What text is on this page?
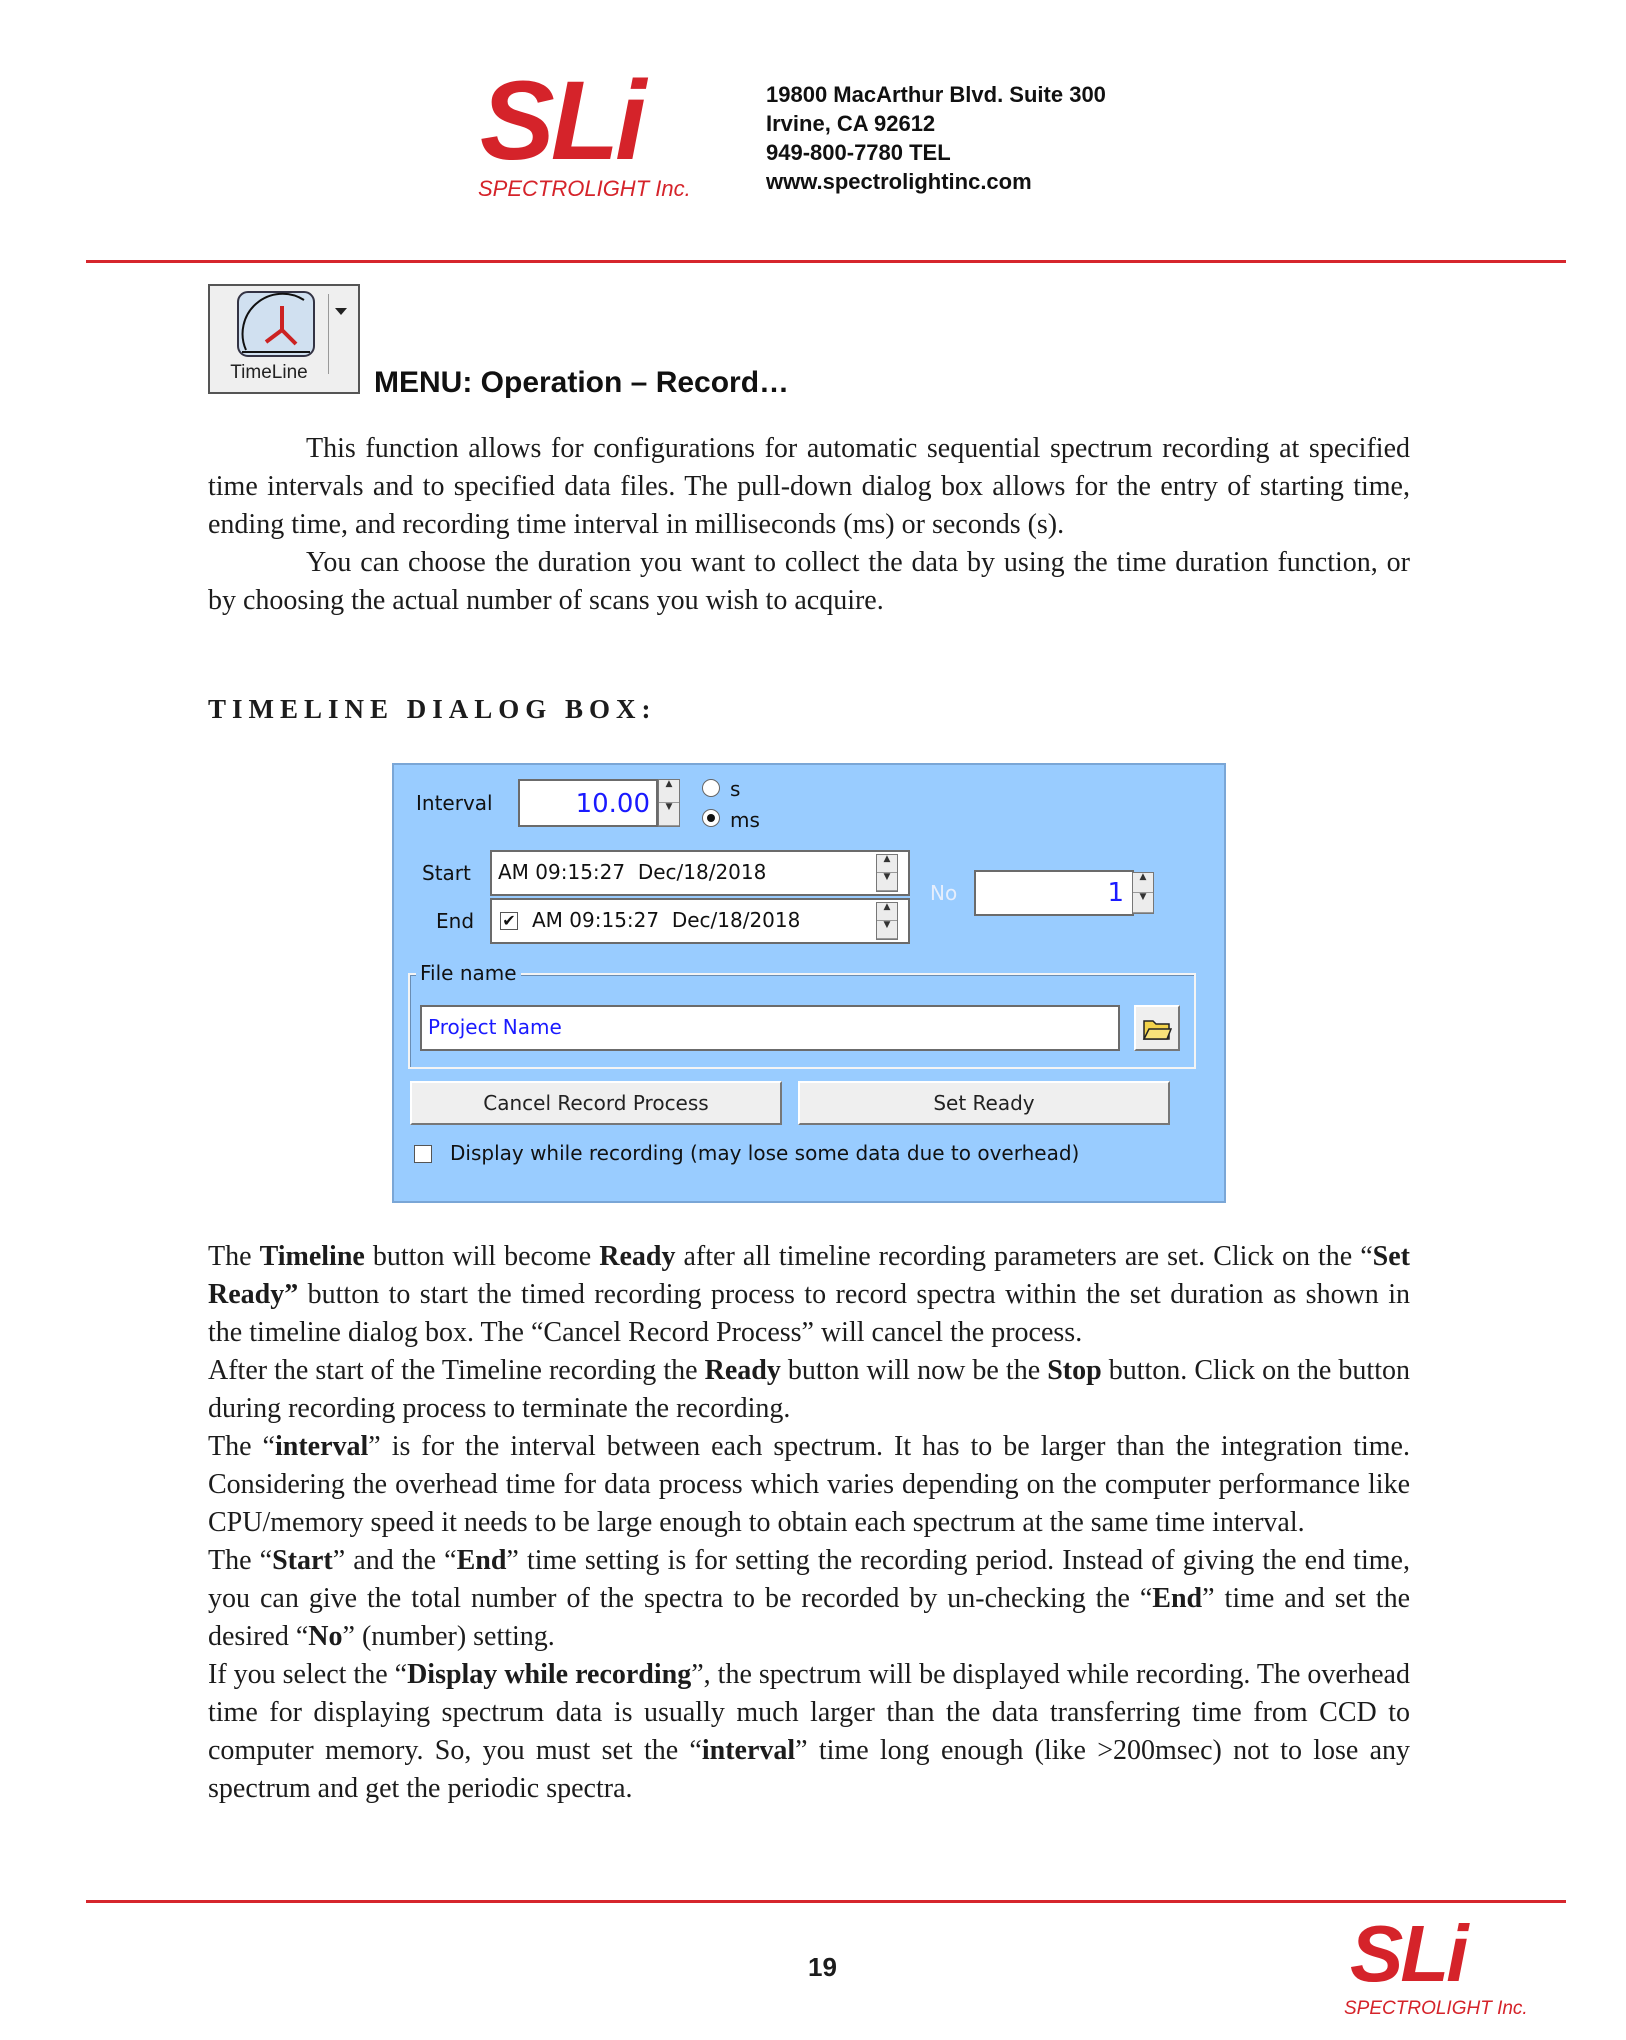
SLi
SPECTROLIGHT Inc.
19800 MacArthur Blvd. Suite 300
Irvine, CA 92612
949-800-7780 TEL
www.spectrolightinc.com
TimeLine	MENU: Operation – Record…

This function allows for configurations for automatic sequential spectrum recording at specified time intervals and to specified data files. The pull-down dialog box allows for the entry of starting time, ending time, and recording time interval in milliseconds (ms) or seconds (s).

You can choose the duration you want to collect the data by using the time duration function, or by choosing the actual number of scans you wish to acquire.

TIMELINE DIALOG BOX:
Interval	10.00
▲
▼
s
ms
Start	AM 09:15:27  Dec/18/2018
▲
▼
End ✔ AM 09:15:27  Dec/18/2018
▲
▼
No	1
▲
▼
File name
Project Name
Cancel Record Process	Set Ready
Display while recording (may lose some data due to overhead)

The Timeline button will become Ready after all timeline recording parameters are set. Click on the “Set Ready” button to start the timed recording process to record spectra within the set duration as shown in the timeline dialog box. The “Cancel Record Process” will cancel the process.

After the start of the Timeline recording the Ready button will now be the Stop button. Click on the button during recording process to terminate the recording.

The “interval” is for the interval between each spectrum. It has to be larger than the integration time. Considering the overhead time for data process which varies depending on the computer performance like CPU/memory speed it needs to be large enough to obtain each spectrum at the same time interval.

The “Start” and the “End” time setting is for setting the recording period. Instead of giving the end time, you can give the total number of the spectra to be recorded by un-checking the “End” time and set the desired “No” (number) setting.

If you select the “Display while recording”, the spectrum will be displayed while recording. The overhead time for displaying spectrum data is usually much larger than the data transferring time from CCD to computer memory. So, you must set the “interval” time long enough (like >200msec) not to lose any spectrum and get the periodic spectra.

19	SLi
SPECTROLIGHT Inc.
